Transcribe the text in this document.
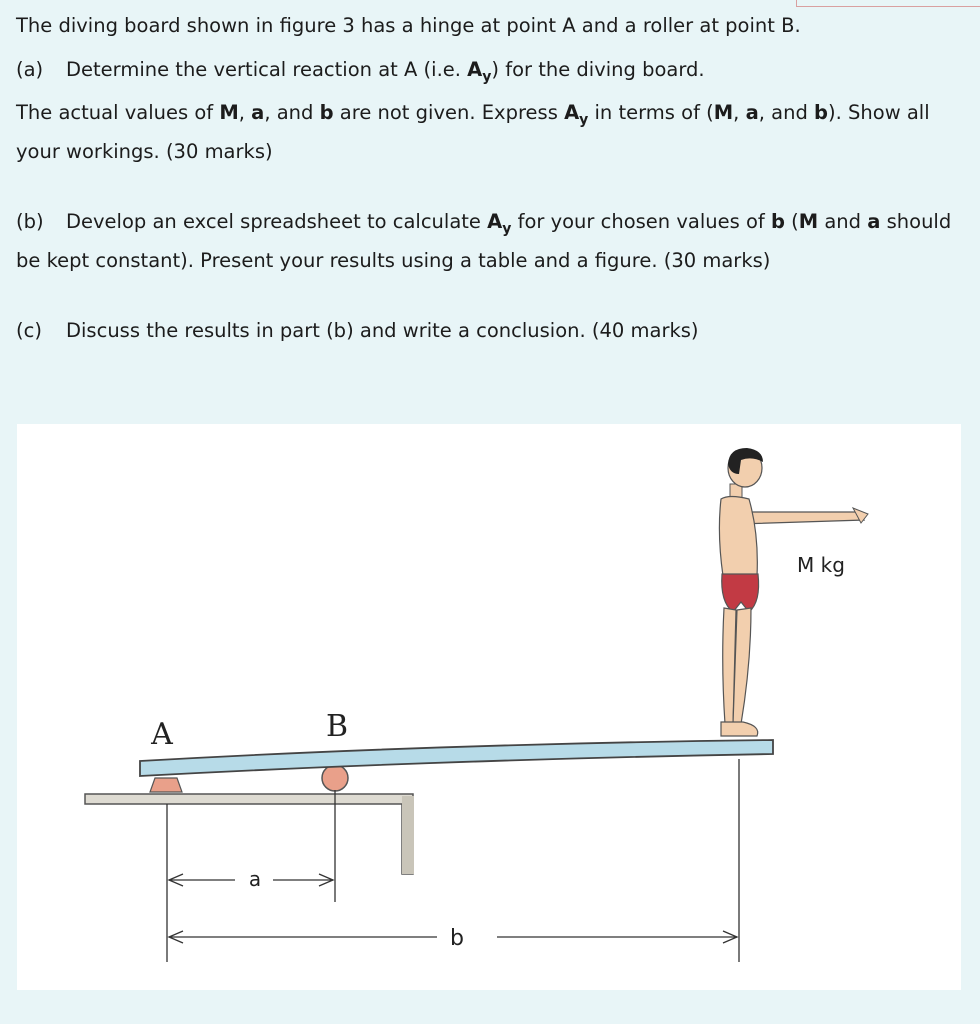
The diving board shown in figure 3 has a hinge at point A and a roller at point B.

(a) Determine the vertical reaction at A (i.e. $A_y$) for the diving board.

The actual values of M, a, and b are not given. Express $A_y$ in terms of (M, a, and b). Show all your workings. (30 marks)

(b) Develop an excel spreadsheet to calculate $A_y$ for your chosen values of b (M and a should be kept constant). Present your results using a table and a figure. (30 marks)

(c) Discuss the results in part (b) and write a conclusion. (40 marks)

A	B
M kg
a
b
